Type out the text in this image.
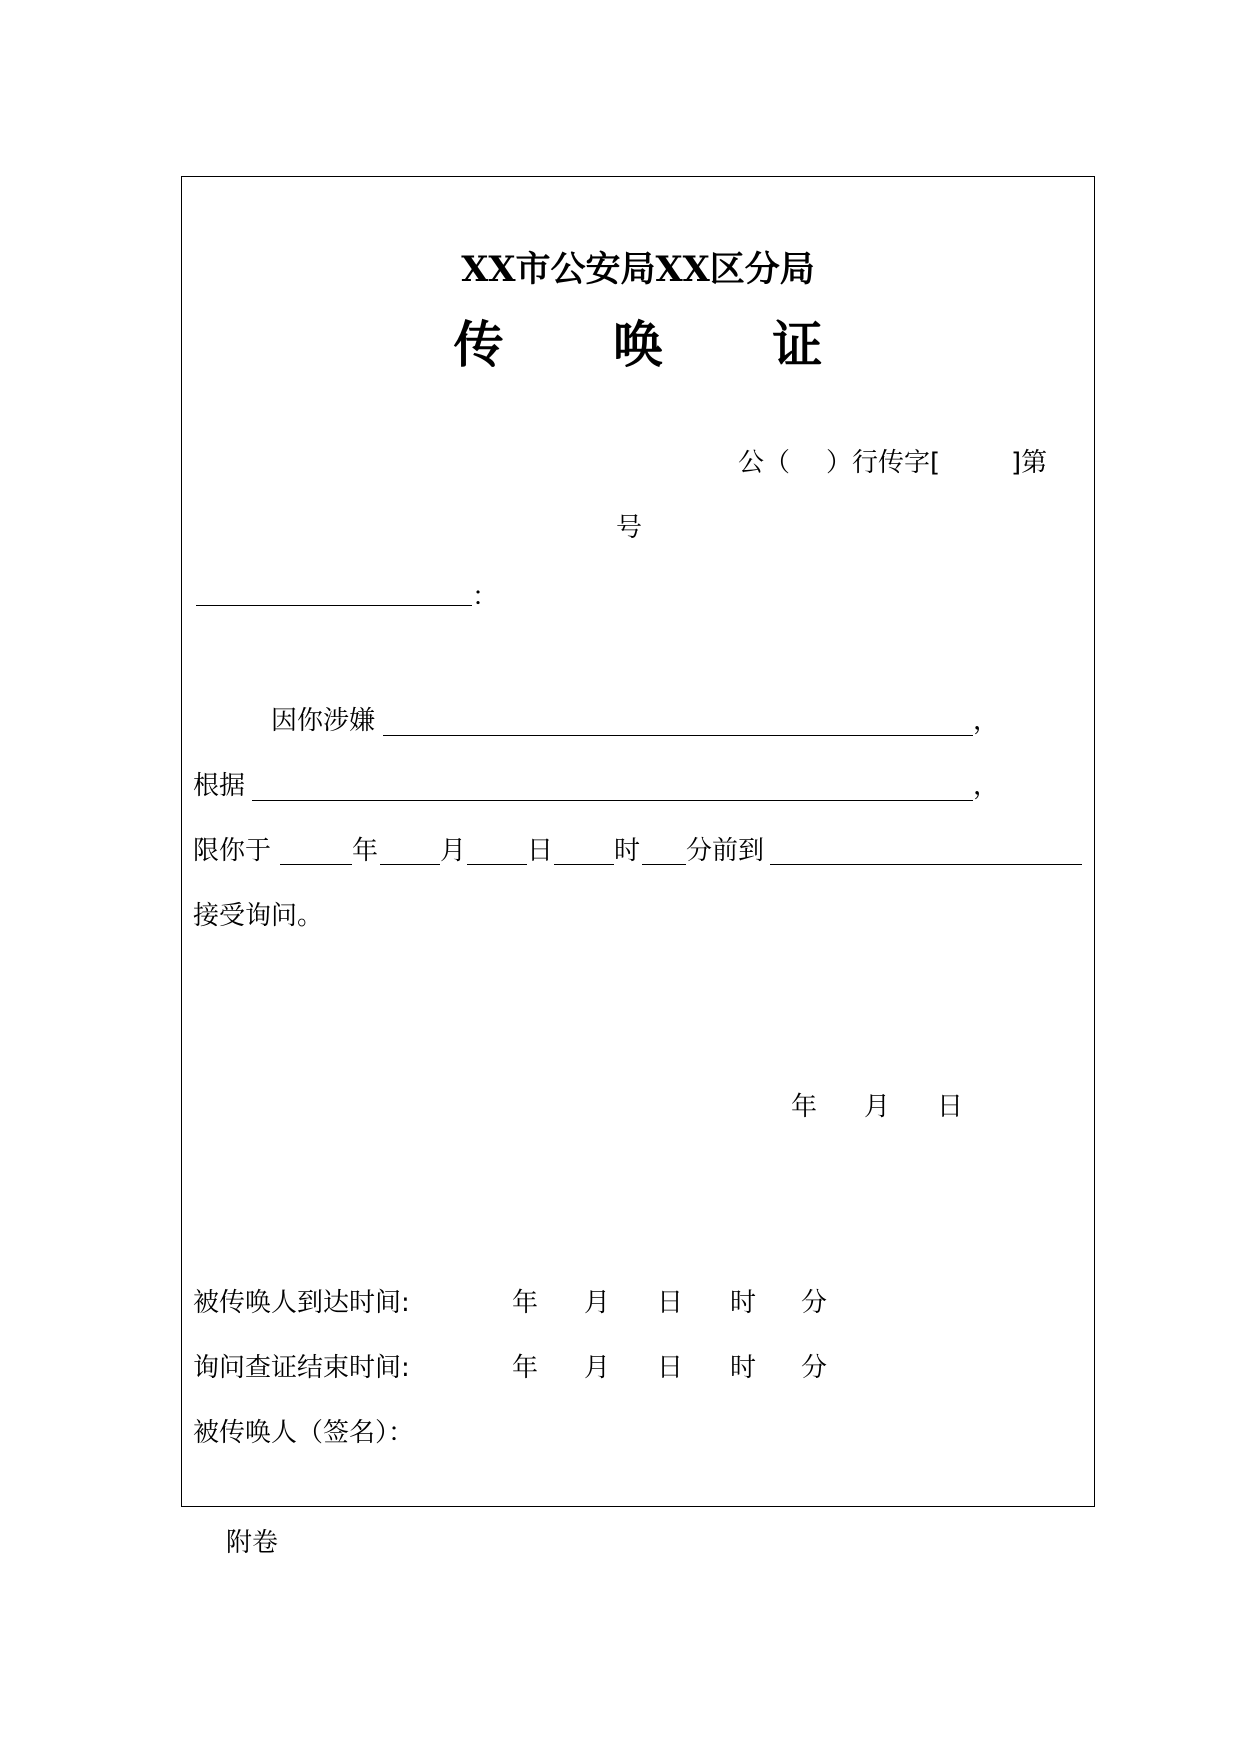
XX市公安局XX区分局
传 唤 证
公（ ）行传字[	]第
号
：
因你涉嫌	，
根据	，
限你于	年 月 日 时 分前到
接受询问。
年 月 日
被传唤人到达时间:	年 月 日 时 分
询问查证结束时间:	年 月 日 时 分
被传唤人（签名）：
附卷
